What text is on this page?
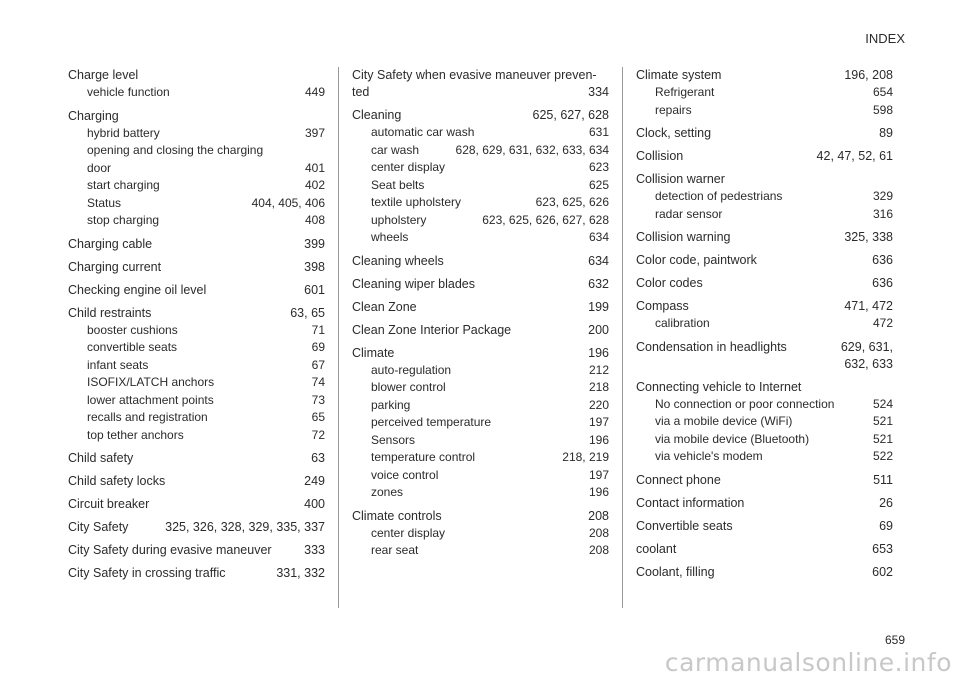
INDEX
Charge level
vehicle function	449
Charging
hybrid battery	397
opening and closing the charging
door	401
start charging	402
Status	404, 405, 406
stop charging	408
Charging cable	399
Charging current	398
Checking engine oil level	601
Child restraints	63, 65
booster cushions	71
convertible seats	69
infant seats	67
ISOFIX/LATCH anchors	74
lower attachment points	73
recalls and registration	65
top tether anchors	72
Child safety	63
Child safety locks	249
Circuit breaker	400
City Safety	325, 326, 328, 329, 335, 337
City Safety during evasive maneuver	333
City Safety in crossing traffic	331, 332
City Safety when evasive maneuver preven-
ted	334
Cleaning	625, 627, 628
automatic car wash	631
car wash	628, 629, 631, 632, 633, 634
center display	623
Seat belts	625
textile upholstery	623, 625, 626
upholstery	623, 625, 626, 627, 628
wheels	634
Cleaning wheels	634
Cleaning wiper blades	632
Clean Zone	199
Clean Zone Interior Package	200
Climate	196
auto-regulation	212
blower control	218
parking	220
perceived temperature	197
Sensors	196
temperature control	218, 219
voice control	197
zones	196
Climate controls	208
center display	208
rear seat	208
Climate system	196, 208
Refrigerant	654
repairs	598
Clock, setting	89
Collision	42, 47, 52, 61
Collision warner
detection of pedestrians	329
radar sensor	316
Collision warning	325, 338
Color code, paintwork	636
Color codes	636
Compass	471, 472
calibration	472
Condensation in headlights	629, 631,
632, 633
Connecting vehicle to Internet
No connection or poor connection	524
via a mobile device (WiFi)	521
via mobile device (Bluetooth)	521
via vehicle's modem	522
Connect phone	511
Contact information	26
Convertible seats	69
coolant	653
Coolant, filling	602
659
carmanualsonline.info
